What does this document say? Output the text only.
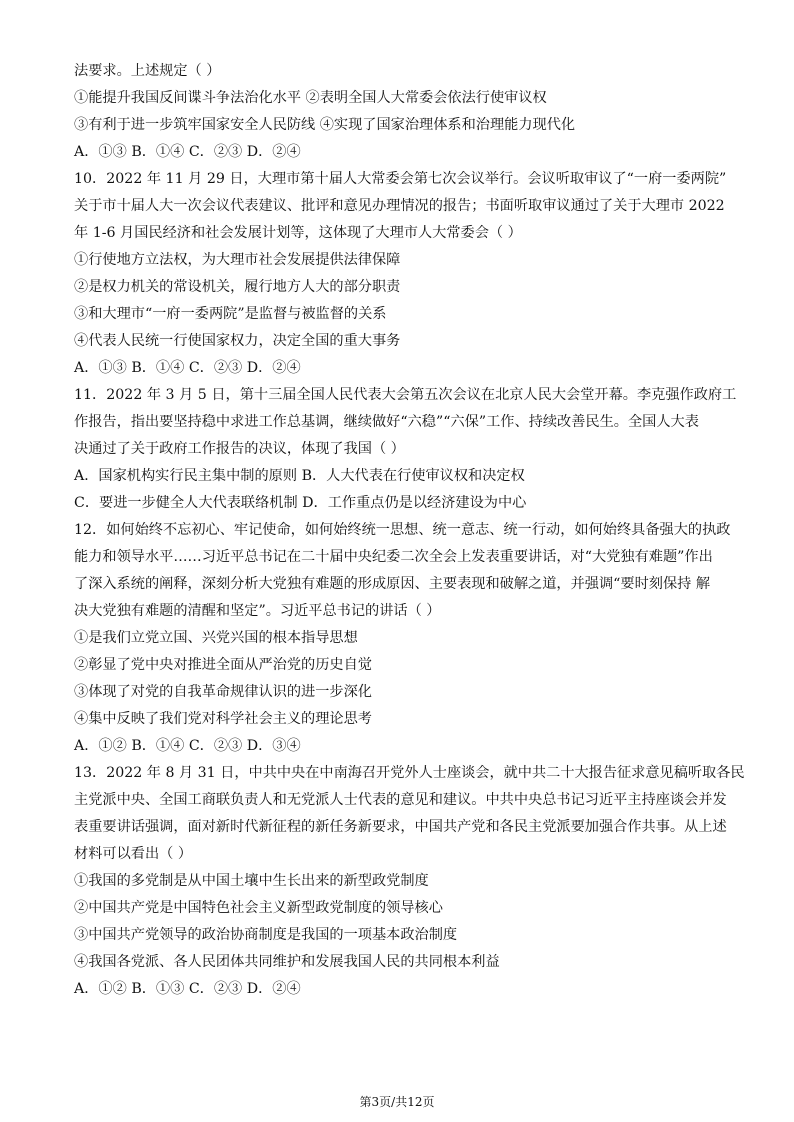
法要求。上述规定（ ）
①能提升我国反间谍斗争法治化水平 ②表明全国人大常委会依法行使审议权
③有利于进一步筑牢国家安全人民防线 ④实现了国家治理体系和治理能力现代化
A．①③ B．①④ C．②③ D．②④
10．2022 年 11 月 29 日，大理市第十届人大常委会第七次会议举行。会议听取审议了“一府一委两院”
关于市十届人大一次会议代表建议、批评和意见办理情况的报告；书面听取审议通过了关于大理市 2022
年 1-6 月国民经济和社会发展计划等，这体现了大理市人大常委会（ ）
①行使地方立法权，为大理市社会发展提供法律保障
②是权力机关的常设机关，履行地方人大的部分职责
③和大理市“一府一委两院”是监督与被监督的关系
④代表人民统一行使国家权力，决定全国的重大事务
A．①③ B．①④ C．②③ D．②④
11．2022 年 3 月 5 日，第十三届全国人民代表大会第五次会议在北京人民大会堂开幕。李克强作政府工
作报告，指出要坚持稳中求进工作总基调，继续做好“六稳”“六保”工作、持续改善民生。全国人大表
决通过了关于政府工作报告的决议，体现了我国（ ）
A．国家机构实行民主集中制的原则 B．人大代表在行使审议权和决定权
C．要进一步健全人大代表联络机制 D．工作重点仍是以经济建设为中心
12．如何始终不忘初心、牢记使命，如何始终统一思想、统一意志、统一行动，如何始终具备强大的执政
能力和领导水平……习近平总书记在二十届中央纪委二次全会上发表重要讲话，对“大党独有难题”作出
了深入系统的阐释，深刻分析大党独有难题的形成原因、主要表现和破解之道，并强调“要时刻保持 解
决大党独有难题的清醒和坚定”。习近平总书记的讲话（ ）
①是我们立党立国、兴党兴国的根本指导思想
②彰显了党中央对推进全面从严治党的历史自觉
③体现了对党的自我革命规律认识的进一步深化
④集中反映了我们党对科学社会主义的理论思考
A．①② B．①④ C．②③ D．③④
13．2022 年 8 月 31 日，中共中央在中南海召开党外人士座谈会，就中共二十大报告征求意见稿听取各民
主党派中央、全国工商联负责人和无党派人士代表的意见和建议。中共中央总书记习近平主持座谈会并发
表重要讲话强调，面对新时代新征程的新任务新要求，中国共产党和各民主党派要加强合作共事。从上述
材料可以看出（ ）
①我国的多党制是从中国土壤中生长出来的新型政党制度
②中国共产党是中国特色社会主义新型政党制度的领导核心
③中国共产党领导的政治协商制度是我国的一项基本政治制度
④我国各党派、各人民团体共同维护和发展我国人民的共同根本利益
A．①② B．①③ C．②③ D．②④
第3页/共12页
